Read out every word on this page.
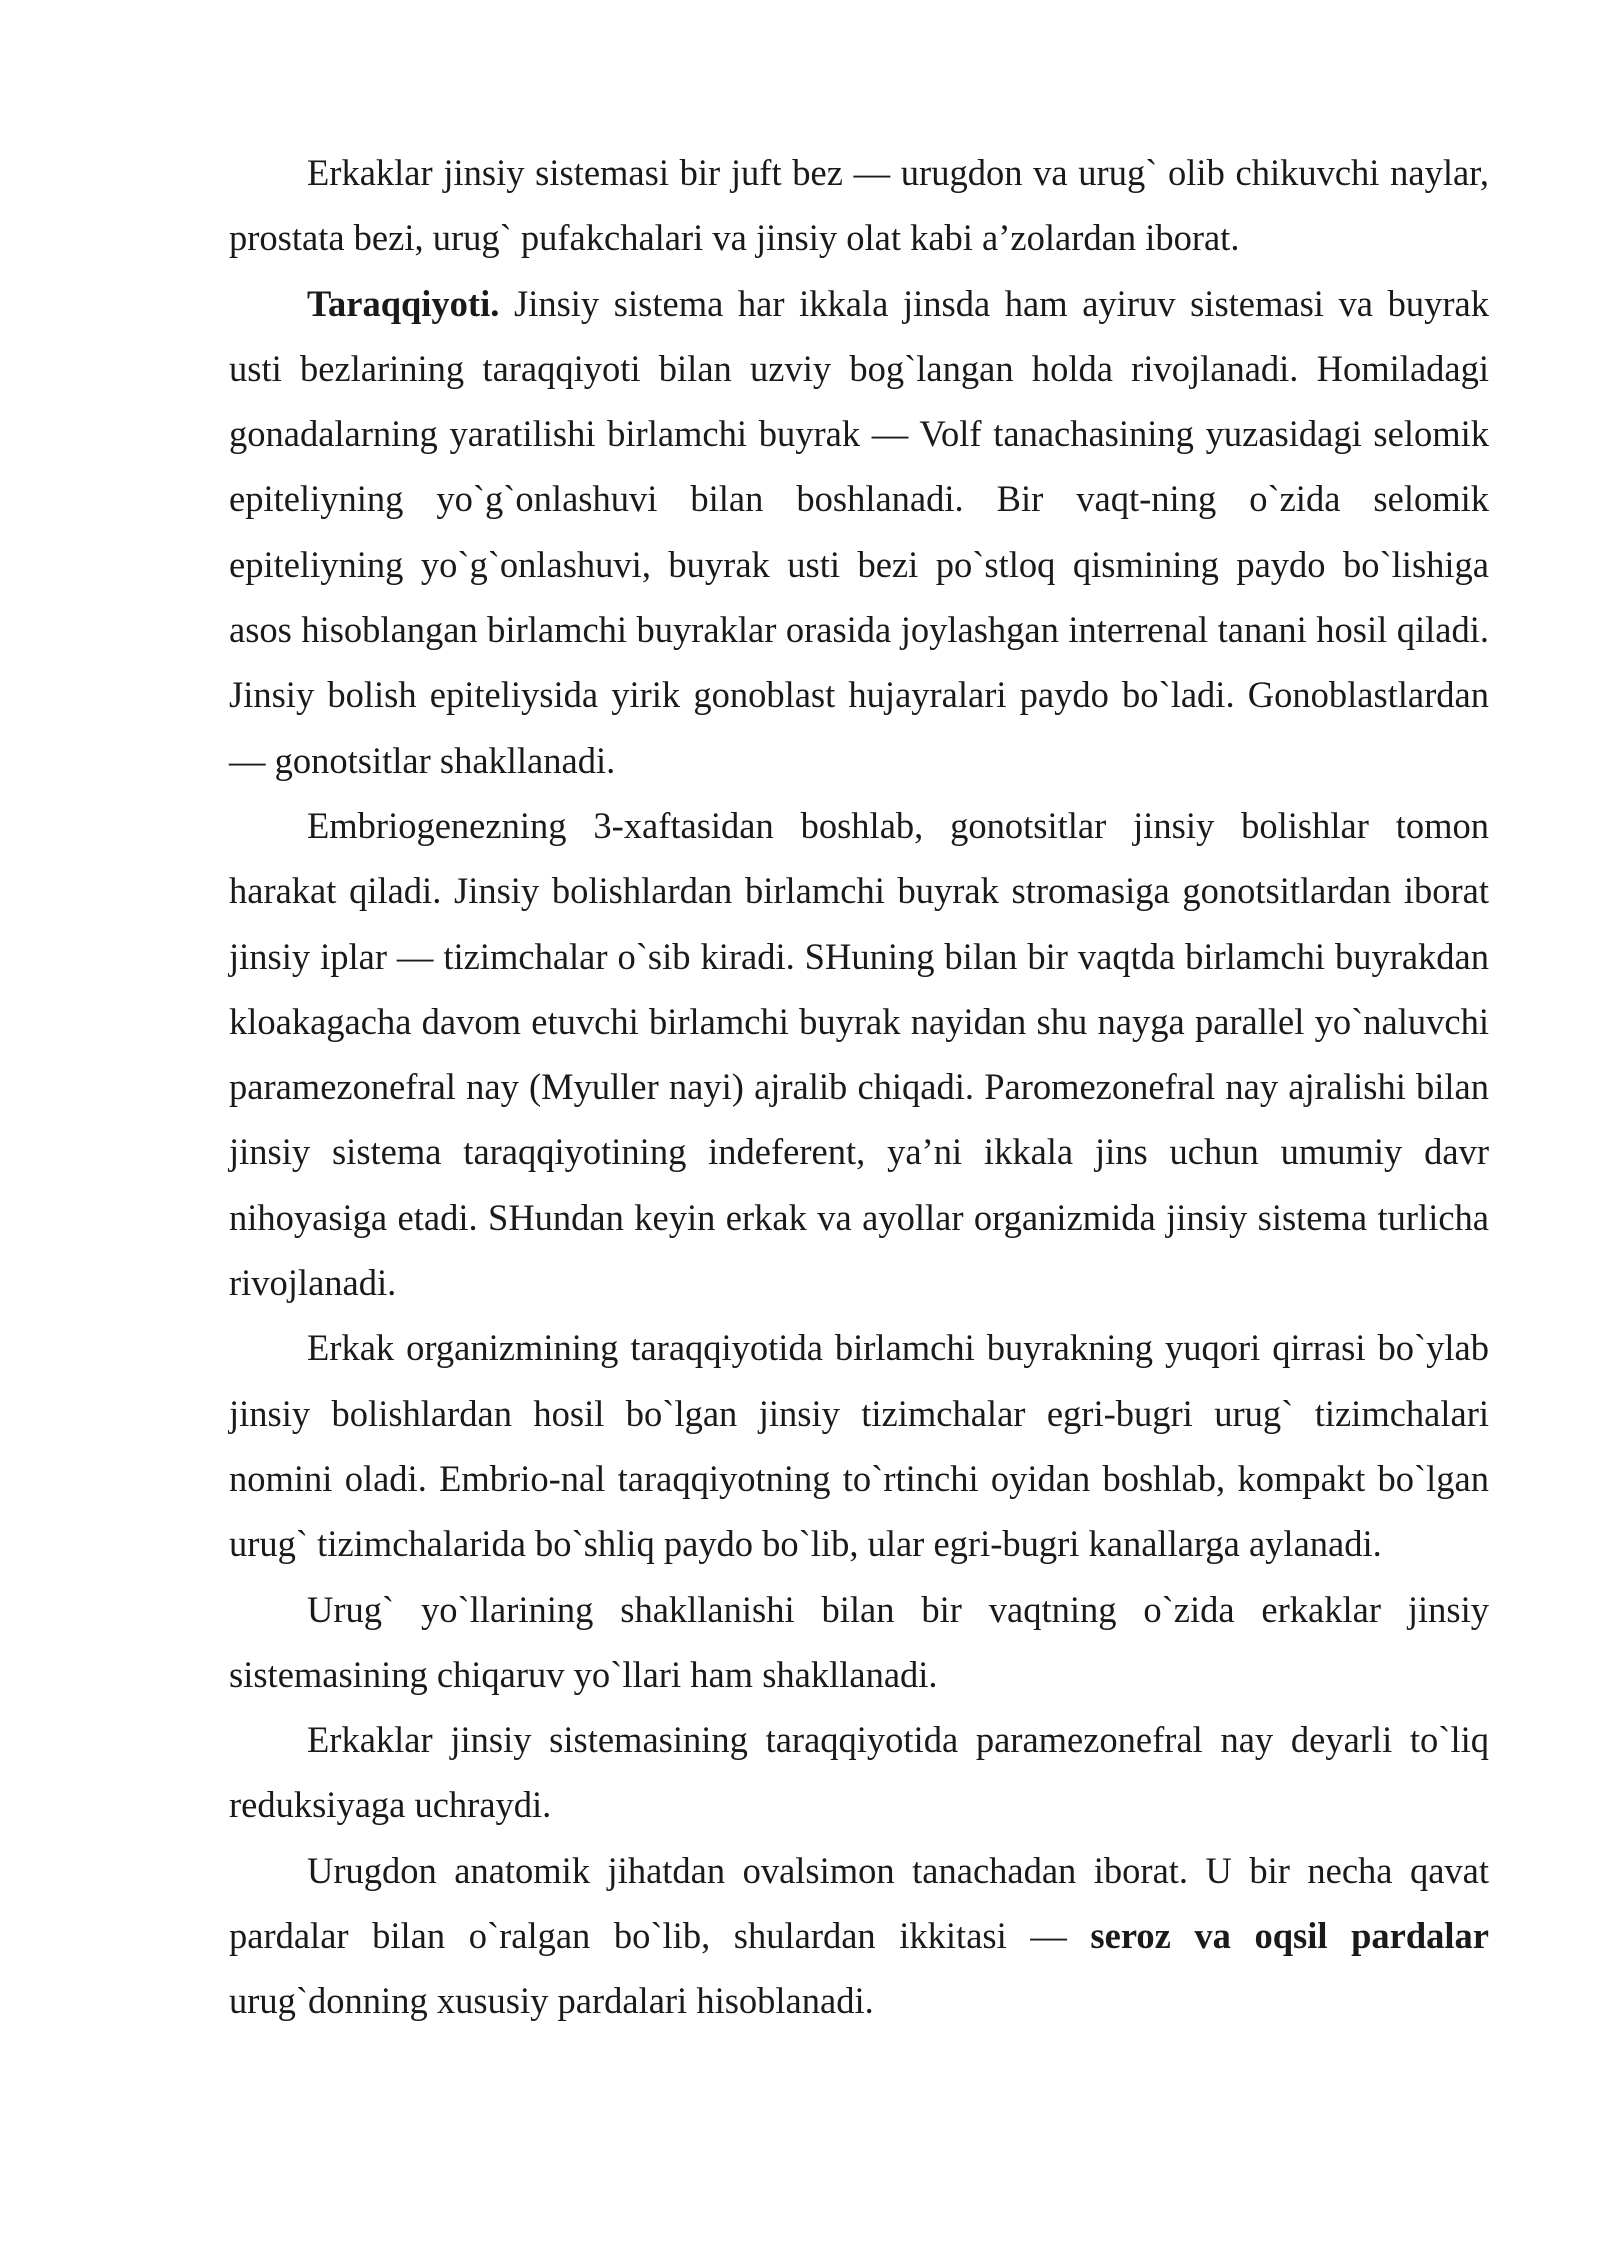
Erkaklar jinsiy sistemasi bir juft bez — urugdon va urug` olib chikuvchi naylar, prostata bezi, urug` pufakchalari va jinsiy olat kabi a’zolardan iborat.

Taraqqiyoti. Jinsiy sistema har ikkala jinsda ham ayiruv sistemasi va buyrak usti bezlarining taraqqiyoti bilan uzviy bog`langan holda rivojlanadi. Homiladagi gonadalarning yaratilishi birlamchi buyrak — Volf tanachasining yuzasidagi selomik epiteliyning yo`g`onlashuvi bilan boshlanadi. Bir vaqt-ning o`zida selomik epiteliyning yo`g`onlashuvi, buyrak usti bezi po`stloq qismining paydo bo`lishiga asos hisoblangan birlamchi buyraklar orasida joylashgan interrenal tanani hosil qiladi. Jinsiy bolish epiteliysida yirik gonoblast hujayralari paydo bo`ladi. Gonoblastlardan — gonotsitlar shakllanadi.

Embriogenezning 3-xaftasidan boshlab, gonotsitlar jinsiy bolishlar tomon harakat qiladi. Jinsiy bolishlardan birlamchi buyrak stromasiga gonotsitlardan iborat jinsiy iplar — tizimchalar o`sib kiradi. SHuning bilan bir vaqtda birlamchi buyrakdan kloakagacha davom etuvchi birlamchi buyrak nayidan shu nayga parallel yo`naluvchi paramezonefral nay (Myuller nayi) ajralib chiqadi. Paromezonefral nay ajralishi bilan jinsiy sistema taraqqiyotining indeferent, ya’ni ikkala jins uchun umumiy davr nihoyasiga etadi. SHundan keyin erkak va ayollar organizmida jinsiy sistema turlicha rivojlanadi.

Erkak organizmining taraqqiyotida birlamchi buyrakning yuqori qirrasi bo`ylab jinsiy bolishlardan hosil bo`lgan jinsiy tizimchalar egri-bugri urug` tizimchalari nomini oladi. Embrio-nal taraqqiyotning to`rtinchi oyidan boshlab, kompakt bo`lgan urug` tizimchalarida bo`shliq paydo bo`lib, ular egri-bugri kanallarga aylanadi.

Urug` yo`llarining shakllanishi bilan bir vaqtning o`zida erkaklar jinsiy sistemasining chiqaruv yo`llari ham shakllanadi.

Erkaklar jinsiy sistemasining taraqqiyotida paramezonefral nay deyarli to`liq reduksiyaga uchraydi.

Urugdon anatomik jihatdan ovalsimon tanachadan iborat. U bir necha qavat pardalar bilan o`ralgan bo`lib, shulardan ikkitasi — seroz va oqsil pardalar urug`donning xususiy pardalari hisoblanadi.
